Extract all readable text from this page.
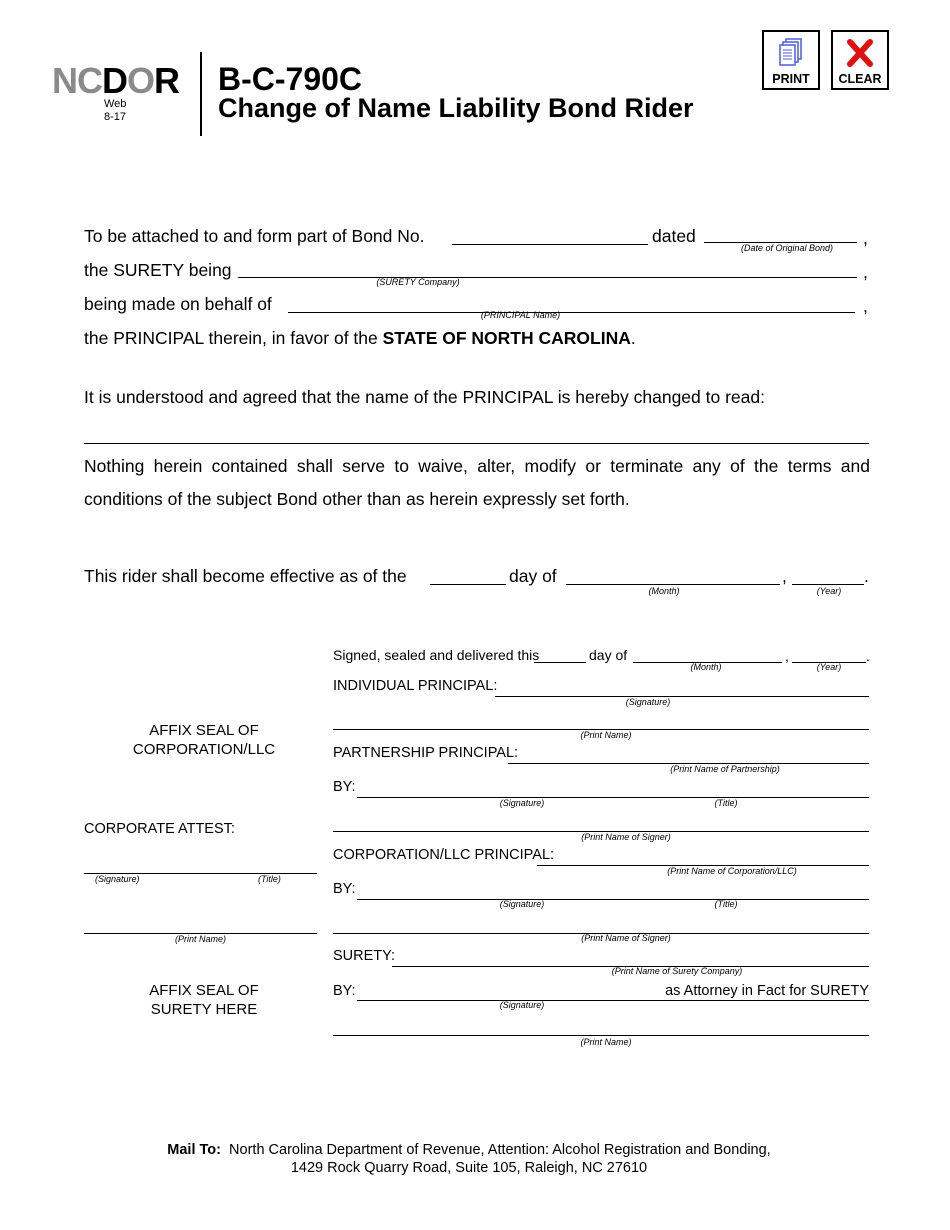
NCDOR
Web
8-17
B-C-790C
Change of Name Liability Bond Rider
PRINT	CLEAR
To be attached to and form part of Bond No.	dated
(Date of Original Bond)	,
the SURETY being
(SURETY Company)	,
being made on behalf of
(PRINCIPAL Name)	,
the PRINCIPAL therein, in favor of the STATE OF NORTH CAROLINA.
It is understood and agreed that the name of the PRINCIPAL is hereby changed to read:
Nothing herein contained shall serve to waive, alter, modify or terminate any of the terms and conditions of the subject Bond other than as herein expressly set forth.
This rider shall become effective as of the	day of
(Month)
,
(Year)
.
Signed, sealed and delivered this	day of
(Month)
,
(Year)
.
INDIVIDUAL PRINCIPAL:
(Signature)
(Print Name)
PARTNERSHIP PRINCIPAL:
(Print Name of Partnership)
BY:
(Signature)	(Title)
(Print Name of Signer)
CORPORATION/LLC PRINCIPAL:
(Print Name of Corporation/LLC)
BY:
(Signature)	(Title)
(Print Name of Signer)
SURETY:
(Print Name of Surety Company)
BY:	as Attorney in Fact for SURETY
(Signature)
(Print Name)
AFFIX SEAL OF
CORPORATION/LLC
CORPORATE ATTEST:
(Signature)	(Title)
(Print Name)
AFFIX SEAL OF
SURETY HERE
Mail To: North Carolina Department of Revenue, Attention: Alcohol Registration and Bonding,
1429 Rock Quarry Road, Suite 105, Raleigh, NC 27610
